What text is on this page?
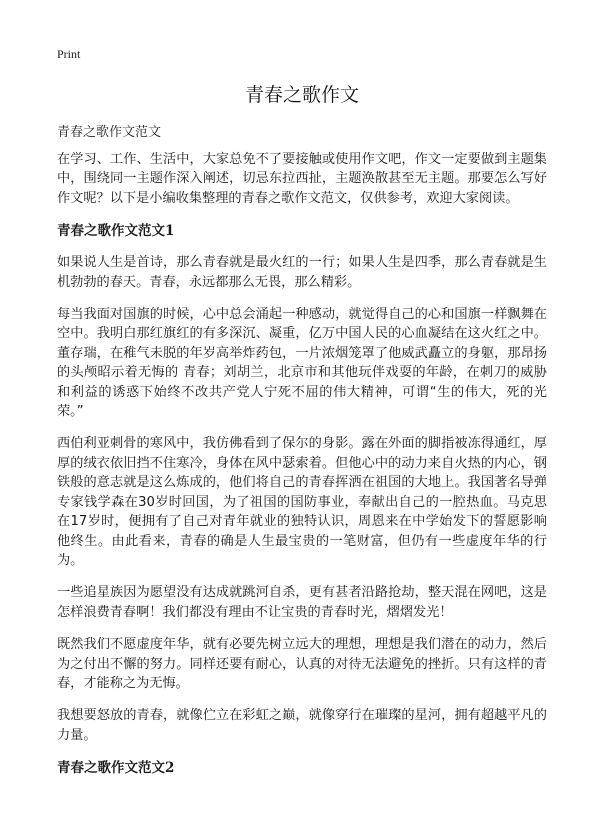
Print
青春之歌作文
青春之歌作文范文

在学习、工作、生活中，大家总免不了要接触或使用作文吧，作文一定要做到主题集中，围绕同一主题作深入阐述，切忌东拉西扯，主题涣散甚至无主题。那要怎么写好作文呢？以下是小编收集整理的青春之歌作文范文，仅供参考，欢迎大家阅读。

青春之歌作文范文1

如果说人生是首诗，那么青春就是最火红的一行；如果人生是四季，那么青春就是生机勃勃的春天。青春，永远都那么无畏，那么精彩。

每当我面对国旗的时候，心中总会涌起一种感动，就觉得自己的心和国旗一样飘舞在空中。我明白那红旗红的有多深沉、凝重，亿万中国人民的心血凝结在这火红之中。董存瑞，在稚气未脱的年岁高举炸药包，一片浓烟笼罩了他威武矗立的身躯，那昂扬的头颅昭示着无悔的 青春；刘胡兰，北京市和其他玩伴戏耍的年龄，在刺刀的威胁和利益的诱惑下始终不改共产党人宁死不屈的伟大精神，可谓“生的伟大，死的光荣。”

西伯利亚刺骨的寒风中，我仿佛看到了保尔的身影。露在外面的脚指被冻得通红，厚厚的绒衣依旧挡不住寒冷，身体在风中瑟索着。但他心中的动力来自火热的内心，钢铁般的意志就是这么炼成的，他们将自己的青春挥洒在祖国的大地上。我国著名导弹专家钱学森在30岁时回国，为了祖国的国防事业，奉献出自己的一腔热血。马克思在17岁时，便拥有了自己对青年就业的独特认识，周恩来在中学始发下的誓愿影响他终生。由此看来，青春的确是人生最宝贵的一笔财富，但仍有一些虚度年华的行为。

一些追星族因为愿望没有达成就跳河自杀，更有甚者沿路抢劫，整天混在网吧，这是怎样浪费青春啊！我们都没有理由不让宝贵的青春时光，熠熠发光！

既然我们不愿虚度年华，就有必要先树立远大的理想，理想是我们潜在的动力，然后为之付出不懈的努力。同样还要有耐心，认真的对待无法避免的挫折。只有这样的青春，才能称之为无悔。

我想要怒放的青春，就像伫立在彩虹之巅，就像穿行在璀璨的星河，拥有超越平凡的力量。

青春之歌作文范文2
